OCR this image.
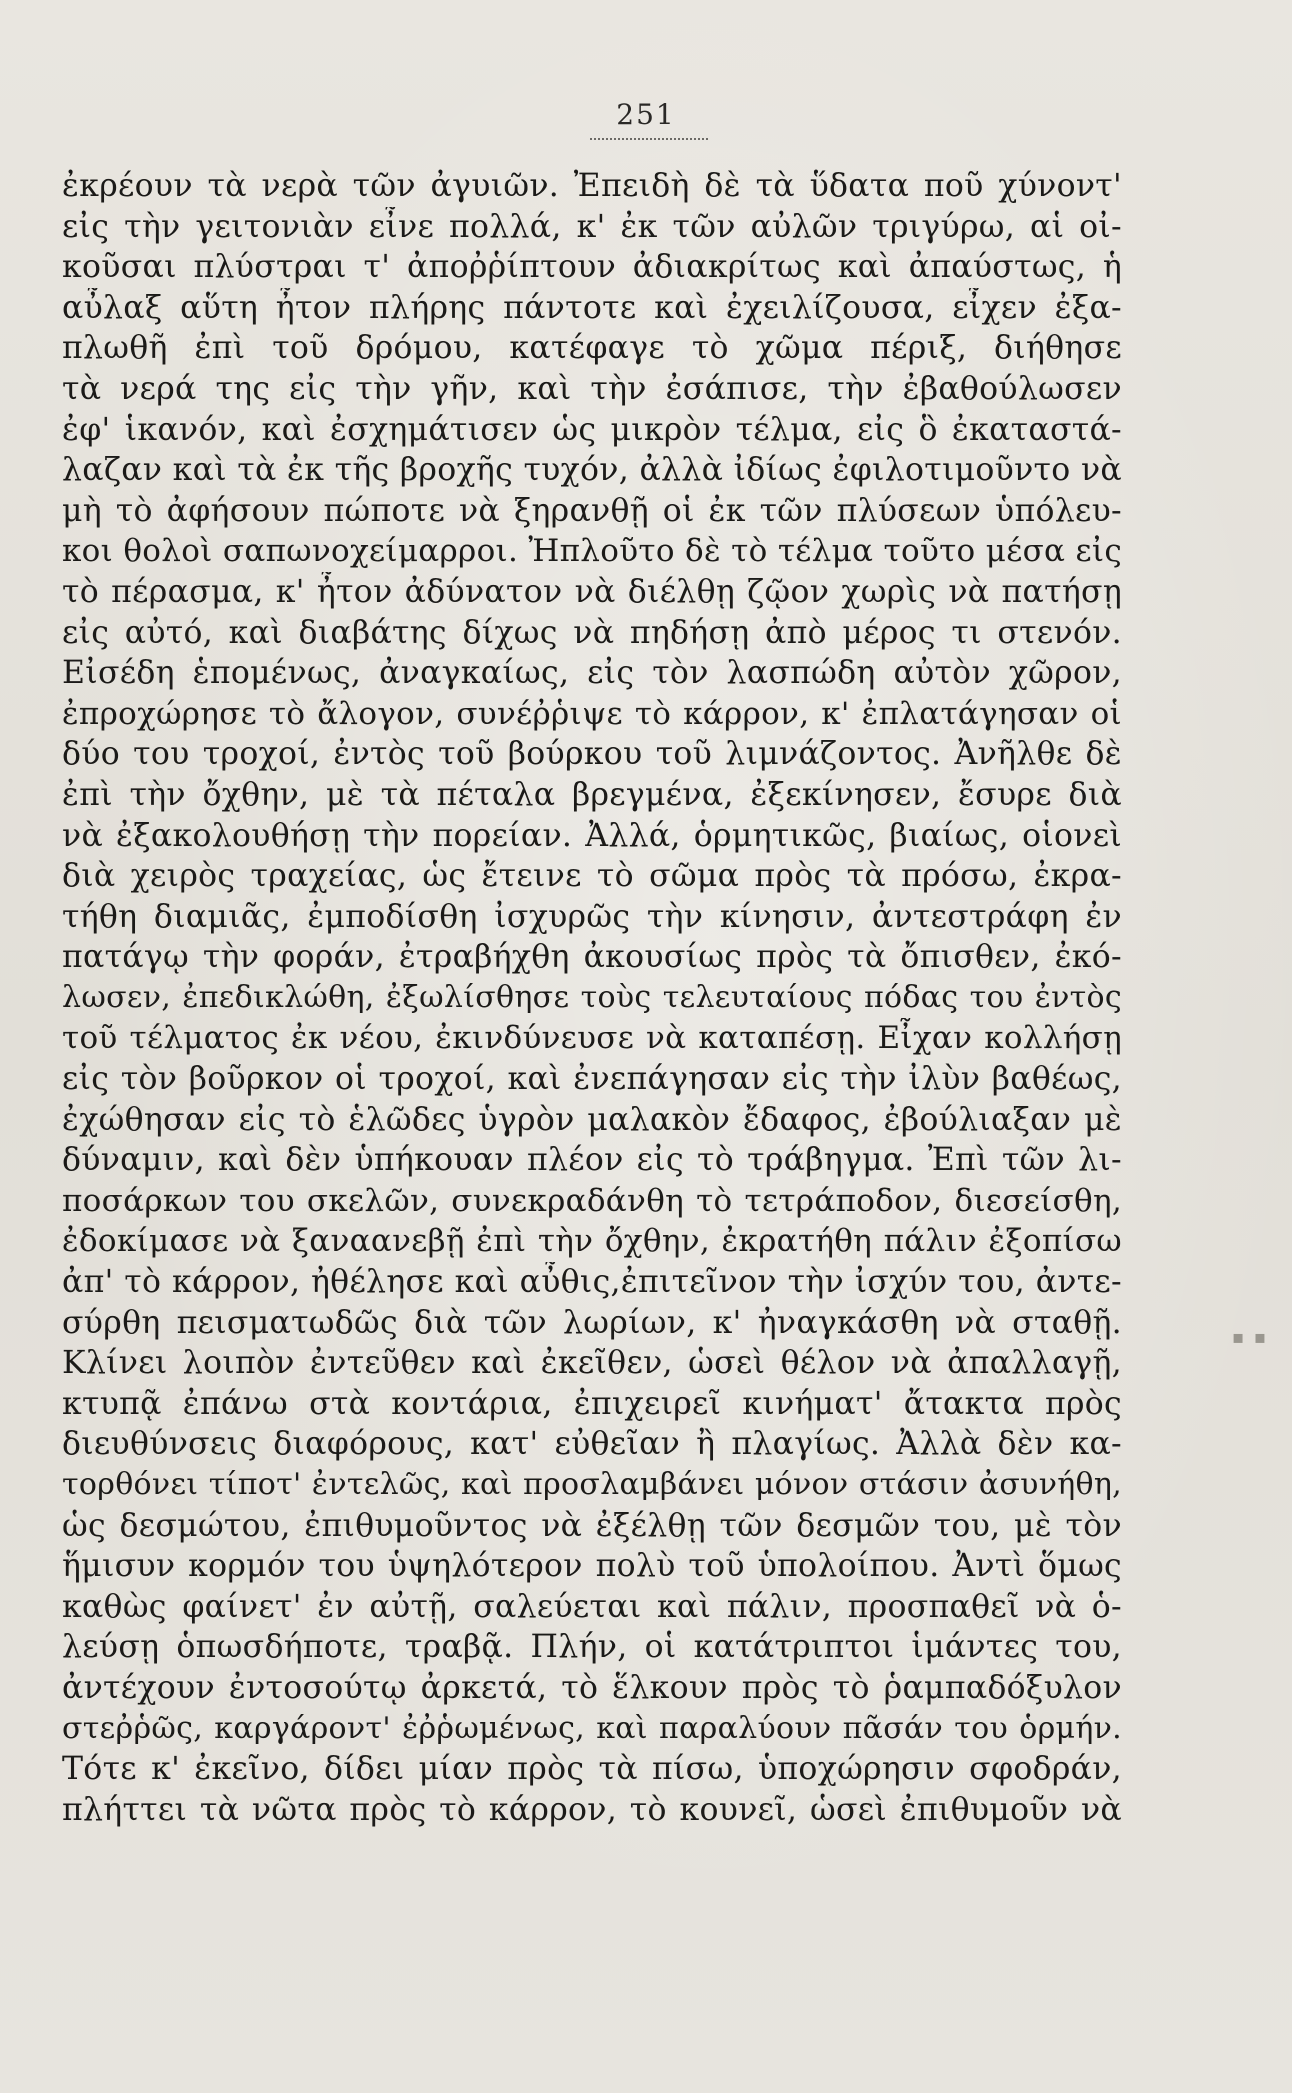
251
ἐκρέουν τὰ νερὰ τῶν ἀγυιῶν. Ἐπειδὴ δὲ τὰ ὕδατα ποῦ χύνοντ'
εἰς τὴν γειτονιὰν εἶνε πολλά, κ' ἐκ τῶν αὐλῶν τριγύρω, αἱ οἰ-
κοῦσαι πλύστραι τ' ἀποῤῥίπτουν ἀδιακρίτως καὶ ἀπαύστως, ἡ
αὖλαξ αὕτη ἦτον πλήρης πάντοτε καὶ ἐχειλίζουσα, εἶχεν ἐξα-
πλωθῆ ἐπὶ τοῦ δρόμου, κατέφαγε τὸ χῶμα πέριξ, διήθησε
τὰ νερά της εἰς τὴν γῆν, καὶ τὴν ἐσάπισε, τὴν ἐβαθούλωσεν
ἐφ' ἱκανόν, καὶ ἐσχημάτισεν ὡς μικρὸν τέλμα, εἰς ὃ ἐκαταστά-
λαζαν καὶ τὰ ἐκ τῆς βροχῆς τυχόν, ἀλλὰ ἰδίως ἐφιλοτιμοῦντο νὰ
μὴ τὸ ἀφήσουν πώποτε νὰ ξηρανθῇ οἱ ἐκ τῶν πλύσεων ὑπόλευ-
κοι θολοὶ σαπωνοχείμαρροι. Ἠπλοῦτο δὲ τὸ τέλμα τοῦτο μέσα εἰς
τὸ πέρασμα, κ' ἦτον ἀδύνατον νὰ διέλθῃ ζῷον χωρὶς νὰ πατήσῃ
εἰς αὐτό, καὶ διαβάτης δίχως νὰ πηδήσῃ ἀπὸ μέρος τι στενόν.
Εἰσέδη ἑπομένως, ἀναγκαίως, εἰς τὸν λασπώδη αὐτὸν χῶρον,
ἐπροχώρησε τὸ ἄλογον, συνέῤῥιψε τὸ κάρρον, κ' ἐπλατάγησαν οἱ
δύο του τροχοί, ἐντὸς τοῦ βούρκου τοῦ λιμνάζοντος. Ἀνῆλθε δὲ
ἐπὶ τὴν ὄχθην, μὲ τὰ πέταλα βρεγμένα, ἐξεκίνησεν, ἔσυρε διὰ
νὰ ἐξακολουθήσῃ τὴν πορείαν. Ἀλλά, ὁρμητικῶς, βιαίως, οἱονεὶ
διὰ χειρὸς τραχείας, ὡς ἔτεινε τὸ σῶμα πρὸς τὰ πρόσω, ἐκρα-
τήθη διαμιᾶς, ἐμποδίσθη ἰσχυρῶς τὴν κίνησιν, ἀντεστράφη ἐν
πατάγῳ τὴν φοράν, ἐτραβήχθη ἀκουσίως πρὸς τὰ ὄπισθεν, ἐκό-
λωσεν, ἐπεδικλώθη, ἐξωλίσθησε τοὺς τελευταίους πόδας του ἐντὸς
τοῦ τέλματος ἐκ νέου, ἐκινδύνευσε νὰ καταπέσῃ. Εἶχαν κολλήσῃ
εἰς τὸν βοῦρκον οἱ τροχοί, καὶ ἐνεπάγησαν εἰς τὴν ἰλὺν βαθέως,
ἐχώθησαν εἰς τὸ ἑλῶδες ὑγρὸν μαλακὸν ἔδαφος, ἐβούλιαξαν μὲ
δύναμιν, καὶ δὲν ὑπήκουαν πλέον εἰς τὸ τράβηγμα. Ἐπὶ τῶν λι-
ποσάρκων του σκελῶν, συνεκραδάνθη τὸ τετράποδον, διεσείσθη,
ἐδοκίμασε νὰ ξαναανεβῇ ἐπὶ τὴν ὄχθην, ἐκρατήθη πάλιν ἐξοπίσω
ἀπ' τὸ κάρρον, ἠθέλησε καὶ αὖθις,ἐπιτεῖνον τὴν ἰσχύν του, ἀντε-
σύρθη πεισματωδῶς διὰ τῶν λωρίων, κ' ἠναγκάσθη νὰ σταθῇ.
Κλίνει λοιπὸν ἐντεῦθεν καὶ ἐκεῖθεν, ὡσεὶ θέλον νὰ ἀπαλλαγῇ,
κτυπᾷ ἐπάνω στὰ κοντάρια, ἐπιχειρεῖ κινήματ' ἄτακτα πρὸς
διευθύνσεις διαφόρους, κατ' εὐθεῖαν ἢ πλαγίως. Ἀλλὰ δὲν κα-
τορθόνει τίποτ' ἐντελῶς, καὶ προσλαμβάνει μόνον στάσιν ἀσυνήθη,
ὡς δεσμώτου, ἐπιθυμοῦντος νὰ ἐξέλθῃ τῶν δεσμῶν του, μὲ τὸν
ἥμισυν κορμόν του ὑψηλότερον πολὺ τοῦ ὑπολοίπου. Ἀντὶ ὅμως
καθὼς φαίνετ' ἐν αὐτῇ, σαλεύεται καὶ πάλιν, προσπαθεῖ νὰ ὁ-
λεύσῃ ὁπωσδήποτε, τραβᾷ. Πλήν, οἱ κατάτριπτοι ἱμάντες του,
ἀντέχουν ἐντοσούτῳ ἀρκετά, τὸ ἕλκουν πρὸς τὸ ῥαμπαδόξυλον
στεῤῥῶς, καργάροντ' ἐῤῥωμένως, καὶ παραλύουν πᾶσάν του ὁρμήν.
Τότε κ' ἐκεῖνο, δίδει μίαν πρὸς τὰ πίσω, ὑποχώρησιν σφοδράν,
πλήττει τὰ νῶτα πρὸς τὸ κάρρον, τὸ κουνεῖ, ὡσεὶ ἐπιθυμοῦν νὰ
▪ ▪
